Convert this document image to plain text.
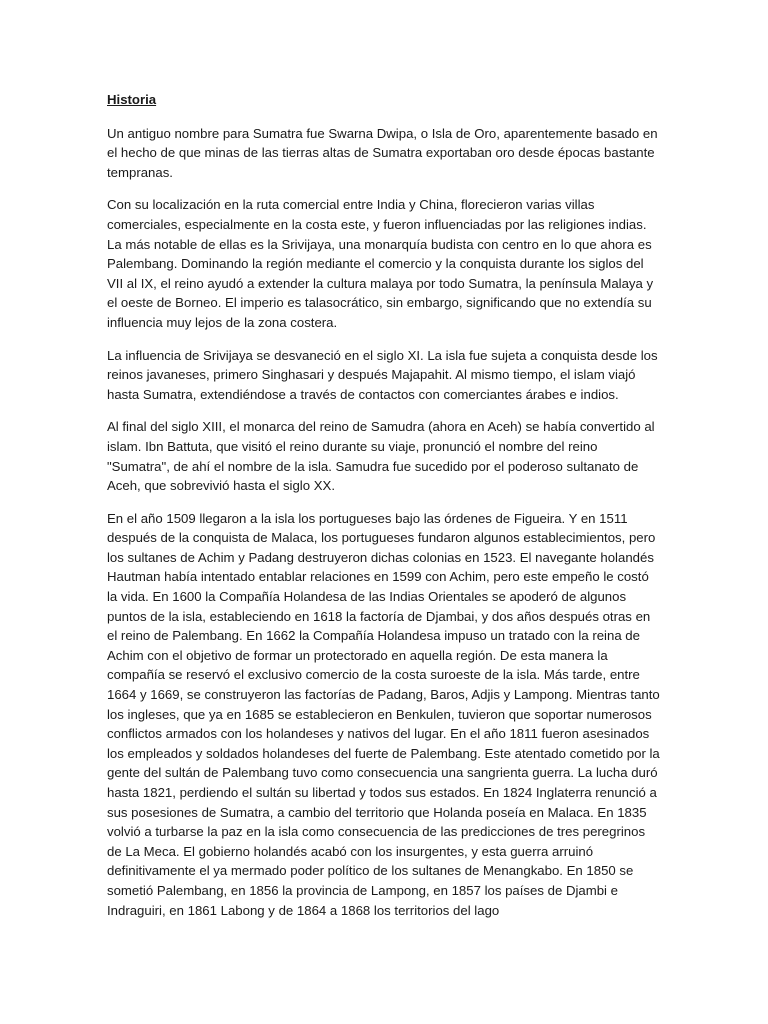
Historia

Un antiguo nombre para Sumatra fue Swarna Dwipa, o Isla de Oro, aparentemente basado en el hecho de que minas de las tierras altas de Sumatra exportaban oro desde épocas bastante tempranas.

Con su localización en la ruta comercial entre India y China, florecieron varias villas comerciales, especialmente en la costa este, y fueron influenciadas por las religiones indias. La más notable de ellas es la Srivijaya, una monarquía budista con centro en lo que ahora es Palembang. Dominando la región mediante el comercio y la conquista durante los siglos del VII al IX, el reino ayudó a extender la cultura malaya por todo Sumatra, la península Malaya y el oeste de Borneo. El imperio es talasocrático, sin embargo, significando que no extendía su influencia muy lejos de la zona costera.

La influencia de Srivijaya se desvaneció en el siglo XI. La isla fue sujeta a conquista desde los reinos javaneses, primero Singhasari y después Majapahit. Al mismo tiempo, el islam viajó hasta Sumatra, extendiéndose a través de contactos con comerciantes árabes e indios.

Al final del siglo XIII, el monarca del reino de Samudra (ahora en Aceh) se había convertido al islam. Ibn Battuta, que visitó el reino durante su viaje, pronunció el nombre del reino "Sumatra", de ahí el nombre de la isla. Samudra fue sucedido por el poderoso sultanato de Aceh, que sobrevivió hasta el siglo XX.

En el año 1509 llegaron a la isla los portugueses bajo las órdenes de Figueira. Y en 1511 después de la conquista de Malaca, los portugueses fundaron algunos establecimientos, pero los sultanes de Achim y Padang destruyeron dichas colonias en 1523. El navegante holandés Hautman había intentado entablar relaciones en 1599 con Achim, pero este empeño le costó la vida. En 1600 la Compañía Holandesa de las Indias Orientales se apoderó de algunos puntos de la isla, estableciendo en 1618 la factoría de Djambai, y dos años después otras en el reino de Palembang. En 1662 la Compañía Holandesa impuso un tratado con la reina de Achim con el objetivo de formar un protectorado en aquella región. De esta manera la compañía se reservó el exclusivo comercio de la costa suroeste de la isla. Más tarde, entre 1664 y 1669, se construyeron las factorías de Padang, Baros, Adjis y Lampong. Mientras tanto los ingleses, que ya en 1685 se establecieron en Benkulen, tuvieron que soportar numerosos conflictos armados con los holandeses y nativos del lugar. En el año 1811 fueron asesinados los empleados y soldados holandeses del fuerte de Palembang. Este atentado cometido por la gente del sultán de Palembang tuvo como consecuencia una sangrienta guerra. La lucha duró hasta 1821, perdiendo el sultán su libertad y todos sus estados. En 1824 Inglaterra renunció a sus posesiones de Sumatra, a cambio del territorio que Holanda poseía en Malaca. En 1835 volvió a turbarse la paz en la isla como consecuencia de las predicciones de tres peregrinos de La Meca. El gobierno holandés acabó con los insurgentes, y esta guerra arruinó definitivamente el ya mermado poder político de los sultanes de Menangkabo. En 1850 se sometió Palembang, en 1856 la provincia de Lampong, en 1857 los países de Djambi e Indraguiri, en 1861 Labong y de 1864 a 1868 los territorios del lago
